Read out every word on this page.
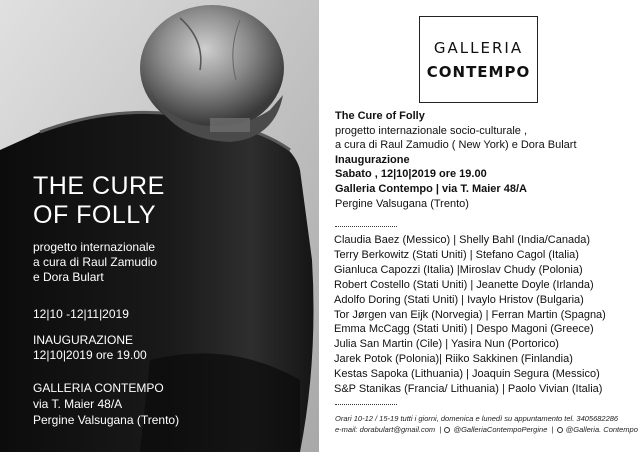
THE CURE
OF FOLLY
progetto internazionale
a cura di Raul Zamudio
e Dora Bulart
12|10 -12|11|2019
INAUGURAZIONE
12|10|2019 ore 19.00
GALLERIA CONTEMPO
via T. Maier 48/A
Pergine Valsugana (Trento)
GALLERIA
CONTEMPO
The Cure of Folly
progetto internazionale socio-culturale ,
a cura di Raul Zamudio ( New York) e Dora Bulart
Inaugurazione
Sabato , 12|10|2019 ore 19.00
Galleria Contempo | via T. Maier 48/A
Pergine Valsugana (Trento)
Claudia Baez (Messico) | Shelly Bahl (India/Canada)
Terry Berkowitz (Stati Uniti) | Stefano Cagol (Italia)
Gianluca Capozzi (Italia) |Miroslav Chudy (Polonia)
Robert Costello (Stati Uniti) | Jeanette Doyle (Irlanda)
Adolfo Doring (Stati Uniti) | Ivaylo Hristov (Bulgaria)
Tor Jørgen van Eijk (Norvegia) | Ferran Martin (Spagna)
Emma McCagg (Stati Uniti) | Despo Magoni (Greece)
Julia San Martin (Cile) | Yasira Nun (Portorico)
Jarek Potok (Polonia)| Riiko Sakkinen (Finlandia)
Kestas Sapoka (Lithuania) | Joaquin Segura (Messico)
S&P Stanikas (Francia/ Lithuania) | Paolo Vivian (Italia)
Orari 10-12 / 15-19 tutti i giorni, domenica e lunedì su appuntamento tel. 3405682286
e-mail: dorabulart@gmail.com  |  @GalleriaContempoPergine  |  @Galleria. Contempo
